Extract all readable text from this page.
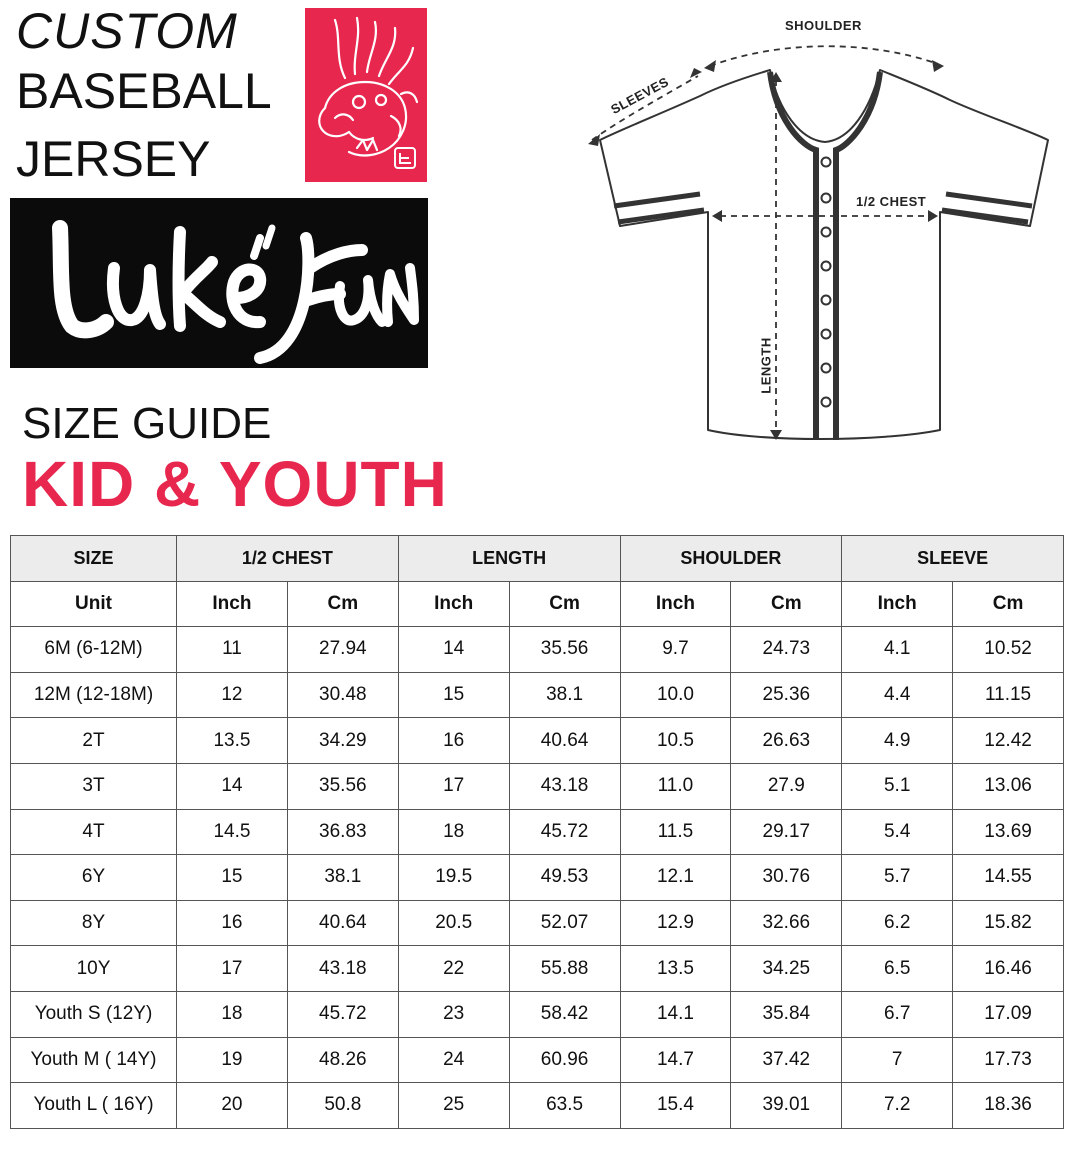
CUSTOM
BASEBALL
JERSEY
Luke'sFun
SIZE GUIDE
KID & YOUTH
SHOULDER
SLEEVES
1/2 CHEST
LENGTH
SIZE	1/2 CHEST		LENGTH		SHOULDER		SLEEVE	
Unit	Inch	Cm	Inch	Cm	Inch	Cm	Inch	Cm
6M (6-12M)	11	27.94	14	35.56	9.7	24.73	4.1	10.52
12M (12-18M)	12	30.48	15	38.1	10.0	25.36	4.4	11.15
2T	13.5	34.29	16	40.64	10.5	26.63	4.9	12.42
3T	14	35.56	17	43.18	11.0	27.9	5.1	13.06
4T	14.5	36.83	18	45.72	11.5	29.17	5.4	13.69
6Y	15	38.1	19.5	49.53	12.1	30.76	5.7	14.55
8Y	16	40.64	20.5	52.07	12.9	32.66	6.2	15.82
10Y	17	43.18	22	55.88	13.5	34.25	6.5	16.46
Youth S (12Y)	18	45.72	23	58.42	14.1	35.84	6.7	17.09
Youth M ( 14Y)	19	48.26	24	60.96	14.7	37.42	7	17.73
Youth L ( 16Y)	20	50.8	25	63.5	15.4	39.01	7.2	18.36
